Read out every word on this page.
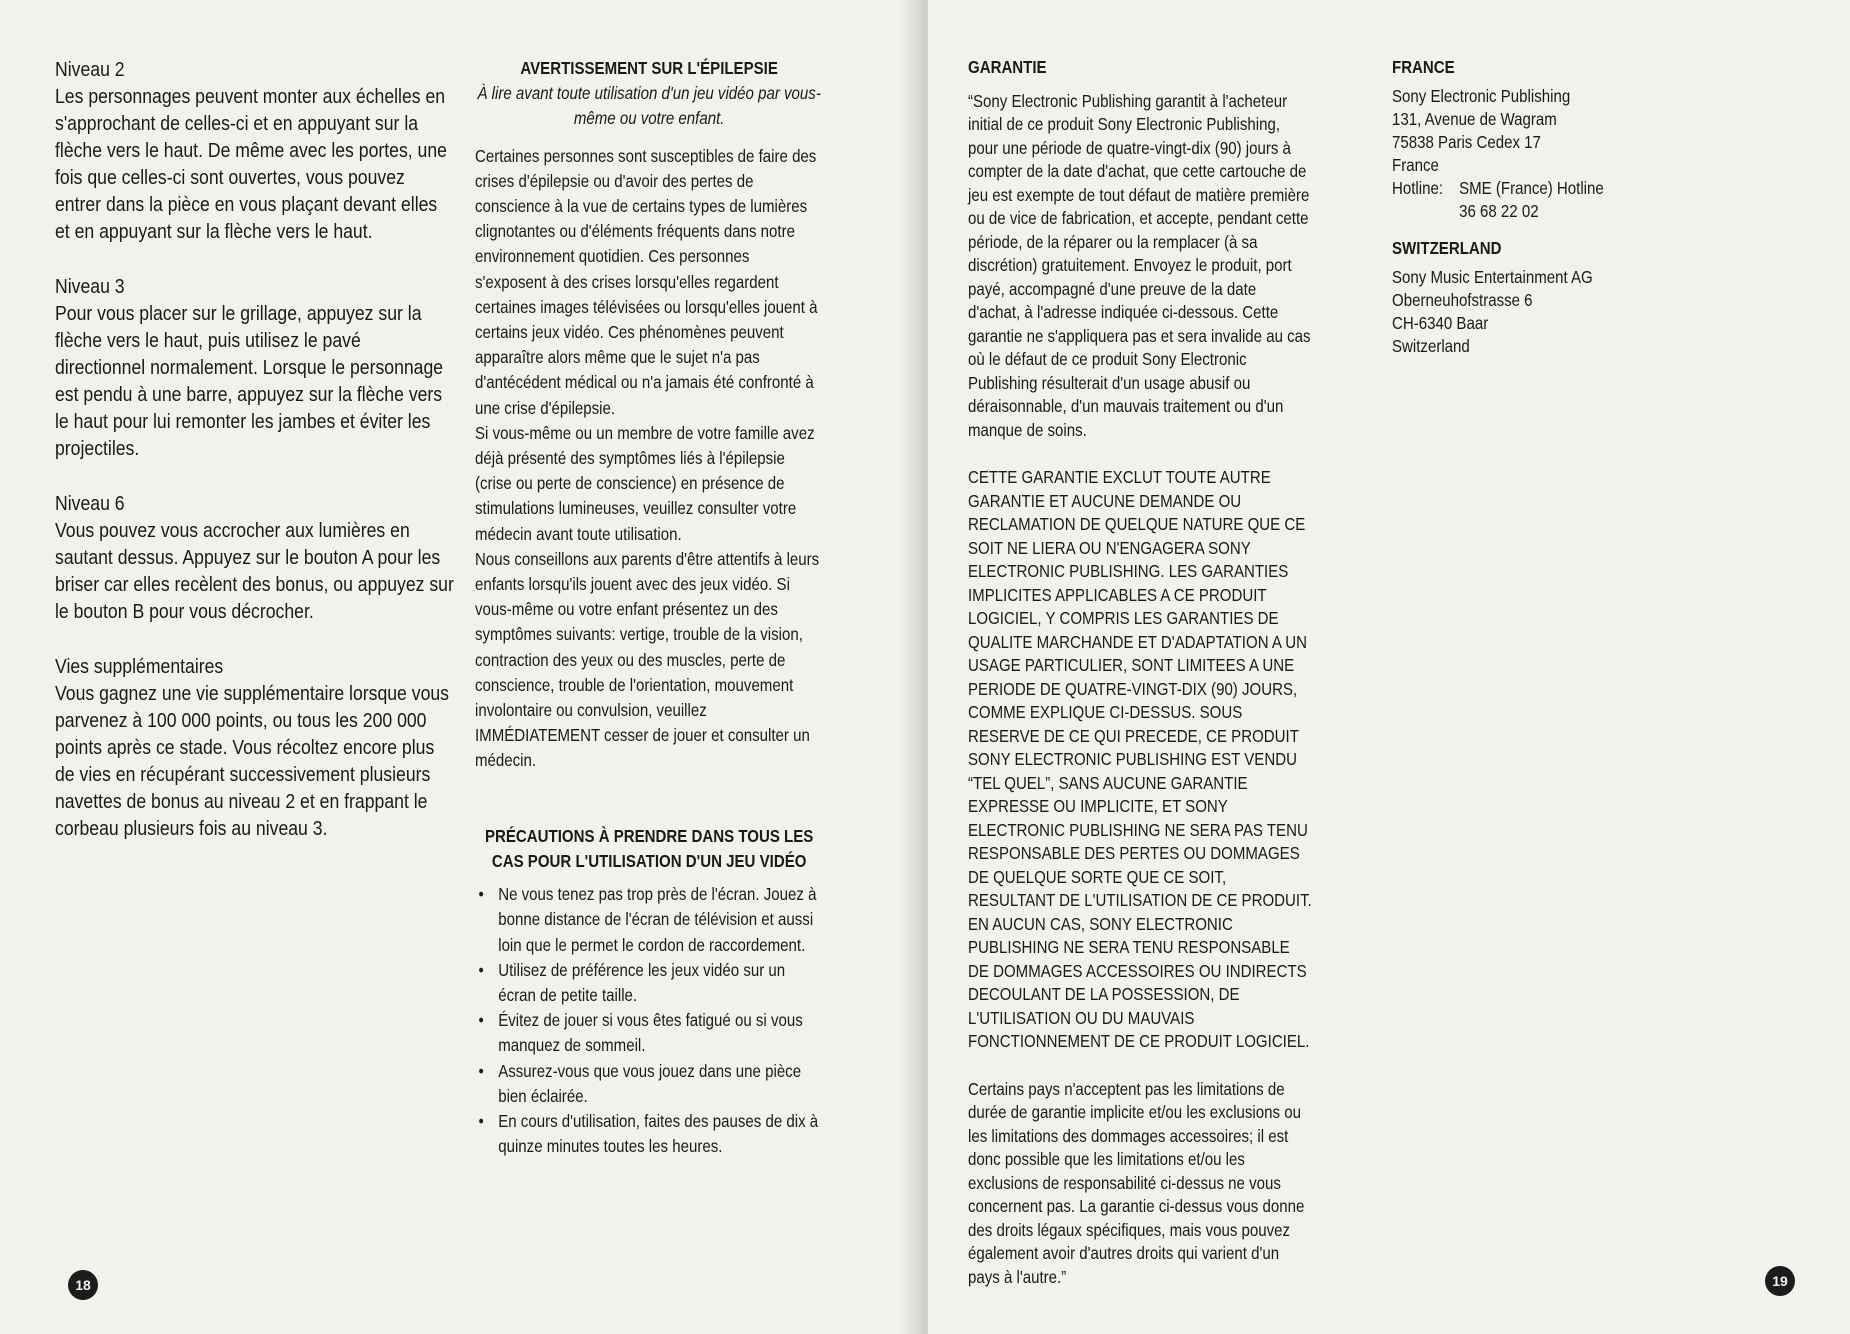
Niveau 2

Les personnages peuvent monter aux échelles en s'approchant de celles-ci et en appuyant sur la flèche vers le haut. De même avec les portes, une fois que celles-ci sont ouvertes, vous pouvez entrer dans la pièce en vous plaçant devant elles et en appuyant sur la flèche vers le haut.

Niveau 3

Pour vous placer sur le grillage, appuyez sur la flèche vers le haut, puis utilisez le pavé directionnel normalement. Lorsque le personnage est pendu à une barre, appuyez sur la flèche vers le haut pour lui remonter les jambes et éviter les projectiles.

Niveau 6

Vous pouvez vous accrocher aux lumières en sautant dessus. Appuyez sur le bouton A pour les briser car elles recèlent des bonus, ou appuyez sur le bouton B pour vous décrocher.

Vies supplémentaires

Vous gagnez une vie supplémentaire lorsque vous parvenez à 100 000 points, ou tous les 200 000 points après ce stade. Vous récoltez encore plus de vies en récupérant successivement plusieurs navettes de bonus au niveau 2 et en frappant le corbeau plusieurs fois au niveau 3.

AVERTISSEMENT SUR L'ÉPILEPSIE

À lire avant toute utilisation d'un jeu vidéo par vous-même ou votre enfant.

Certaines personnes sont susceptibles de faire des crises d'épilepsie ou d'avoir des pertes de conscience à la vue de certains types de lumières clignotantes ou d'éléments fréquents dans notre environnement quotidien. Ces personnes s'exposent à des crises lorsqu'elles regardent certaines images télévisées ou lorsqu'elles jouent à certains jeux vidéo. Ces phénomènes peuvent apparaître alors même que le sujet n'a pas d'antécédent médical ou n'a jamais été confronté à une crise d'épilepsie.

Si vous-même ou un membre de votre famille avez déjà présenté des symptômes liés à l'épilepsie (crise ou perte de conscience) en présence de stimulations lumineuses, veuillez consulter votre médecin avant toute utilisation.

Nous conseillons aux parents d'être attentifs à leurs enfants lorsqu'ils jouent avec des jeux vidéo. Si vous-même ou votre enfant présentez un des symptômes suivants: vertige, trouble de la vision, contraction des yeux ou des muscles, perte de conscience, trouble de l'orientation, mouvement involontaire ou convulsion, veuillez IMMÉDIATEMENT cesser de jouer et consulter un médecin.

PRÉCAUTIONS À PRENDRE DANS TOUS LES CAS POUR L'UTILISATION D'UN JEU VIDÉO

• Ne vous tenez pas trop près de l'écran. Jouez à bonne distance de l'écran de télévision et aussi loin que le permet le cordon de raccordement.
• Utilisez de préférence les jeux vidéo sur un écran de petite taille.
• Évitez de jouer si vous êtes fatigué ou si vous manquez de sommeil.
• Assurez-vous que vous jouez dans une pièce bien éclairée.
• En cours d'utilisation, faites des pauses de dix à quinze minutes toutes les heures.
18

GARANTIE

“Sony Electronic Publishing garantit à l'acheteur initial de ce produit Sony Electronic Publishing, pour une période de quatre-vingt-dix (90) jours à compter de la date d'achat, que cette cartouche de jeu est exempte de tout défaut de matière première ou de vice de fabrication, et accepte, pendant cette période, de la réparer ou la remplacer (à sa discrétion) gratuitement. Envoyez le produit, port payé, accompagné d'une preuve de la date d'achat, à l'adresse indiquée ci-dessous. Cette garantie ne s'appliquera pas et sera invalide au cas où le défaut de ce produit Sony Electronic Publishing résulterait d'un usage abusif ou déraisonnable, d'un mauvais traitement ou d'un manque de soins.

CETTE GARANTIE EXCLUT TOUTE AUTRE GARANTIE ET AUCUNE DEMANDE OU RECLAMATION DE QUELQUE NATURE QUE CE SOIT NE LIERA OU N'ENGAGERA SONY ELECTRONIC PUBLISHING. LES GARANTIES IMPLICITES APPLICABLES A CE PRODUIT LOGICIEL, Y COMPRIS LES GARANTIES DE QUALITE MARCHANDE ET D'ADAPTATION A UN USAGE PARTICULIER, SONT LIMITEES A UNE PERIODE DE QUATRE-VINGT-DIX (90) JOURS, COMME EXPLIQUE CI-DESSUS. SOUS RESERVE DE CE QUI PRECEDE, CE PRODUIT SONY ELECTRONIC PUBLISHING EST VENDU “TEL QUEL”, SANS AUCUNE GARANTIE EXPRESSE OU IMPLICITE, ET SONY ELECTRONIC PUBLISHING NE SERA PAS TENU RESPONSABLE DES PERTES OU DOMMAGES DE QUELQUE SORTE QUE CE SOIT, RESULTANT DE L'UTILISATION DE CE PRODUIT. EN AUCUN CAS, SONY ELECTRONIC PUBLISHING NE SERA TENU RESPONSABLE DE DOMMAGES ACCESSOIRES OU INDIRECTS DECOULANT DE LA POSSESSION, DE L'UTILISATION OU DU MAUVAIS FONCTIONNEMENT DE CE PRODUIT LOGICIEL.

Certains pays n'acceptent pas les limitations de durée de garantie implicite et/ou les exclusions ou les limitations des dommages accessoires; il est donc possible que les limitations et/ou les exclusions de responsabilité ci-dessus ne vous concernent pas. La garantie ci-dessus vous donne des droits légaux spécifiques, mais vous pouvez également avoir d'autres droits qui varient d'un pays à l'autre.”

FRANCE

Sony Electronic Publishing

131, Avenue de Wagram

75838 Paris Cedex 17

France

Hotline: SME (France) Hotline
36 68 22 02

SWITZERLAND

Sony Music Entertainment AG

Oberneuhofstrasse 6

CH-6340 Baar

Switzerland

19
